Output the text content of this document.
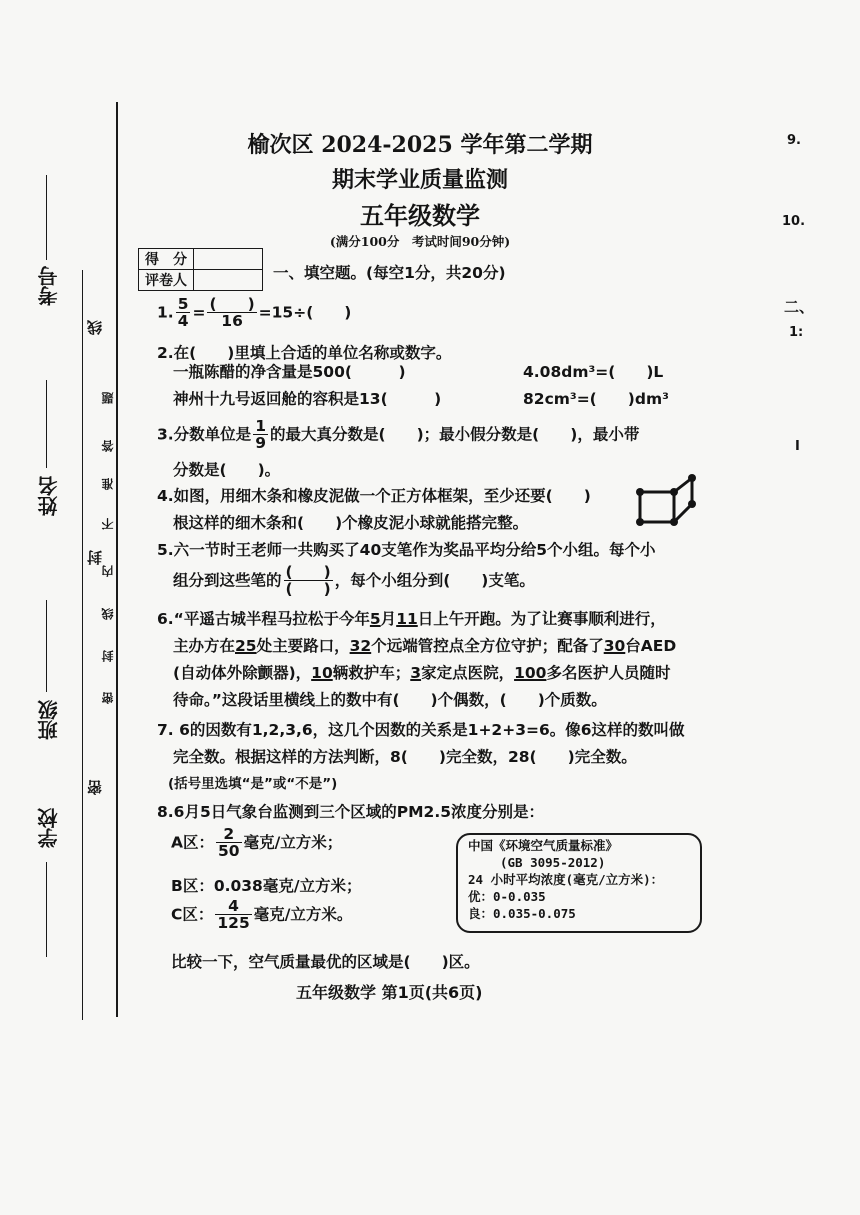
考号
姓名
班级
学校
线
封
密
题
答
准
不
内
线
封
密
榆次区 2024-2025 学年第二学期
期末学业质量监测
五年级数学
(满分100分　考试时间90分钟)
得　分	
评卷人		一、填空题。(每空1分，共20分)
1. $\frac{5}{4} = \frac{( )}{16} =15\div$(　　)
2.在(　　)里填上合适的单位名称或数字。
一瓶陈醋的净含量是500(　　　)	4.08dm³=(　　)L
神州十九号返回舱的容积是13(　　　)	82cm³=(　　)dm³
3.分数单位是 $\frac{1}{9}$ 的最大真分数是(　　)；最小假分数是(　　)，最小带
分数是(　　)。
4.如图，用细木条和橡皮泥做一个正方体框架，至少还要(　　)
根这样的细木条和(　　)个橡皮泥小球就能搭完整。
5.六一节时王老师一共购买了40支笔作为奖品平均分给5个小组。每个小
组分到这些笔的 $\frac{( )}{( )}$ ，每个小组分到(　　)支笔。
6.“平遥古城半程马拉松于今年5月11日上午开跑。为了让赛事顺利进行，
主办方在25处主要路口，32个远端管控点全方位守护；配备了30台AED
(自动体外除颤器)，10辆救护车；3家定点医院，100多名医护人员随时
待命。”这段话里横线上的数中有(　　)个偶数，(　　)个质数。
7. 6的因数有1,2,3,6，这几个因数的关系是1+2+3=6。像6这样的数叫做
完全数。根据这样的方法判断，8(　　)完全数，28(　　)完全数。
(括号里选填“是”或“不是”)
8.6月5日气象台监测到三个区域的PM2.5浓度分别是：
A区： $\frac{2}{50}$ 毫克/立方米；
B区：0.038毫克/立方米；
C区： $\frac{4}{125}$ 毫克/立方米。
中国《环境空气质量标准》
(GB 3095-2012)
24 小时平均浓度(毫克/立方米)：
优：0-0.035
良：0.035-0.075
比较一下，空气质量最优的区域是(　　)区。
五年级数学 第1页(共6页)
9.
10.
二、
1:
I
